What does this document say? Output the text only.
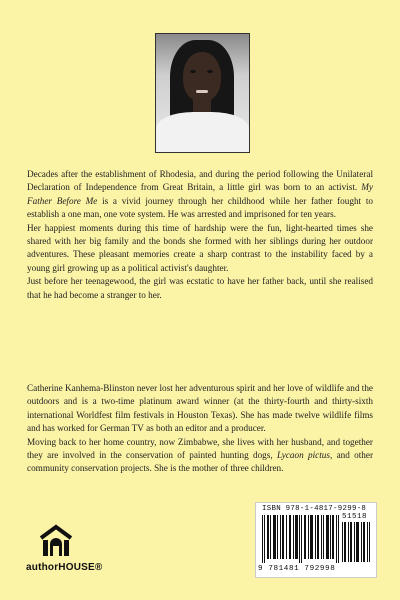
Decades after the establishment of Rhodesia, and during the period following the Unilateral Declaration of Independence from Great Britain, a little girl was born to an activist. My Father Before Me is a vivid journey through her childhood while her father fought to establish a one man, one vote system. He was arrested and imprisoned for ten years.

Her happiest moments during this time of hardship were the fun, light-hearted times she shared with her big family and the bonds she formed with her siblings during her outdoor adventures. These pleasant memories create a sharp contrast to the instability faced by a young girl growing up as a political activist's daughter.

Just before her teenagewood, the girl was ecstatic to have her father back, until she realised that he had become a stranger to her.

Catherine Kanhema-Blinston never lost her adventurous spirit and her love of wildlife and the outdoors and is a two-time platinum award winner (at the thirty-fourth and thirty-sixth international Worldfest film festivals in Houston Texas). She has made twelve wildlife films and has worked for German TV as both an editor and a producer.

Moving back to her home country, now Zimbabwe, she lives with her husband, and together they are involved in the conservation of painted hunting dogs, Lycaon pictus, and other community conservation projects. She is the mother of three children.

authorHOUSE®
ISBN 978-1-4817-9299-8
51518
9 781481 792998
